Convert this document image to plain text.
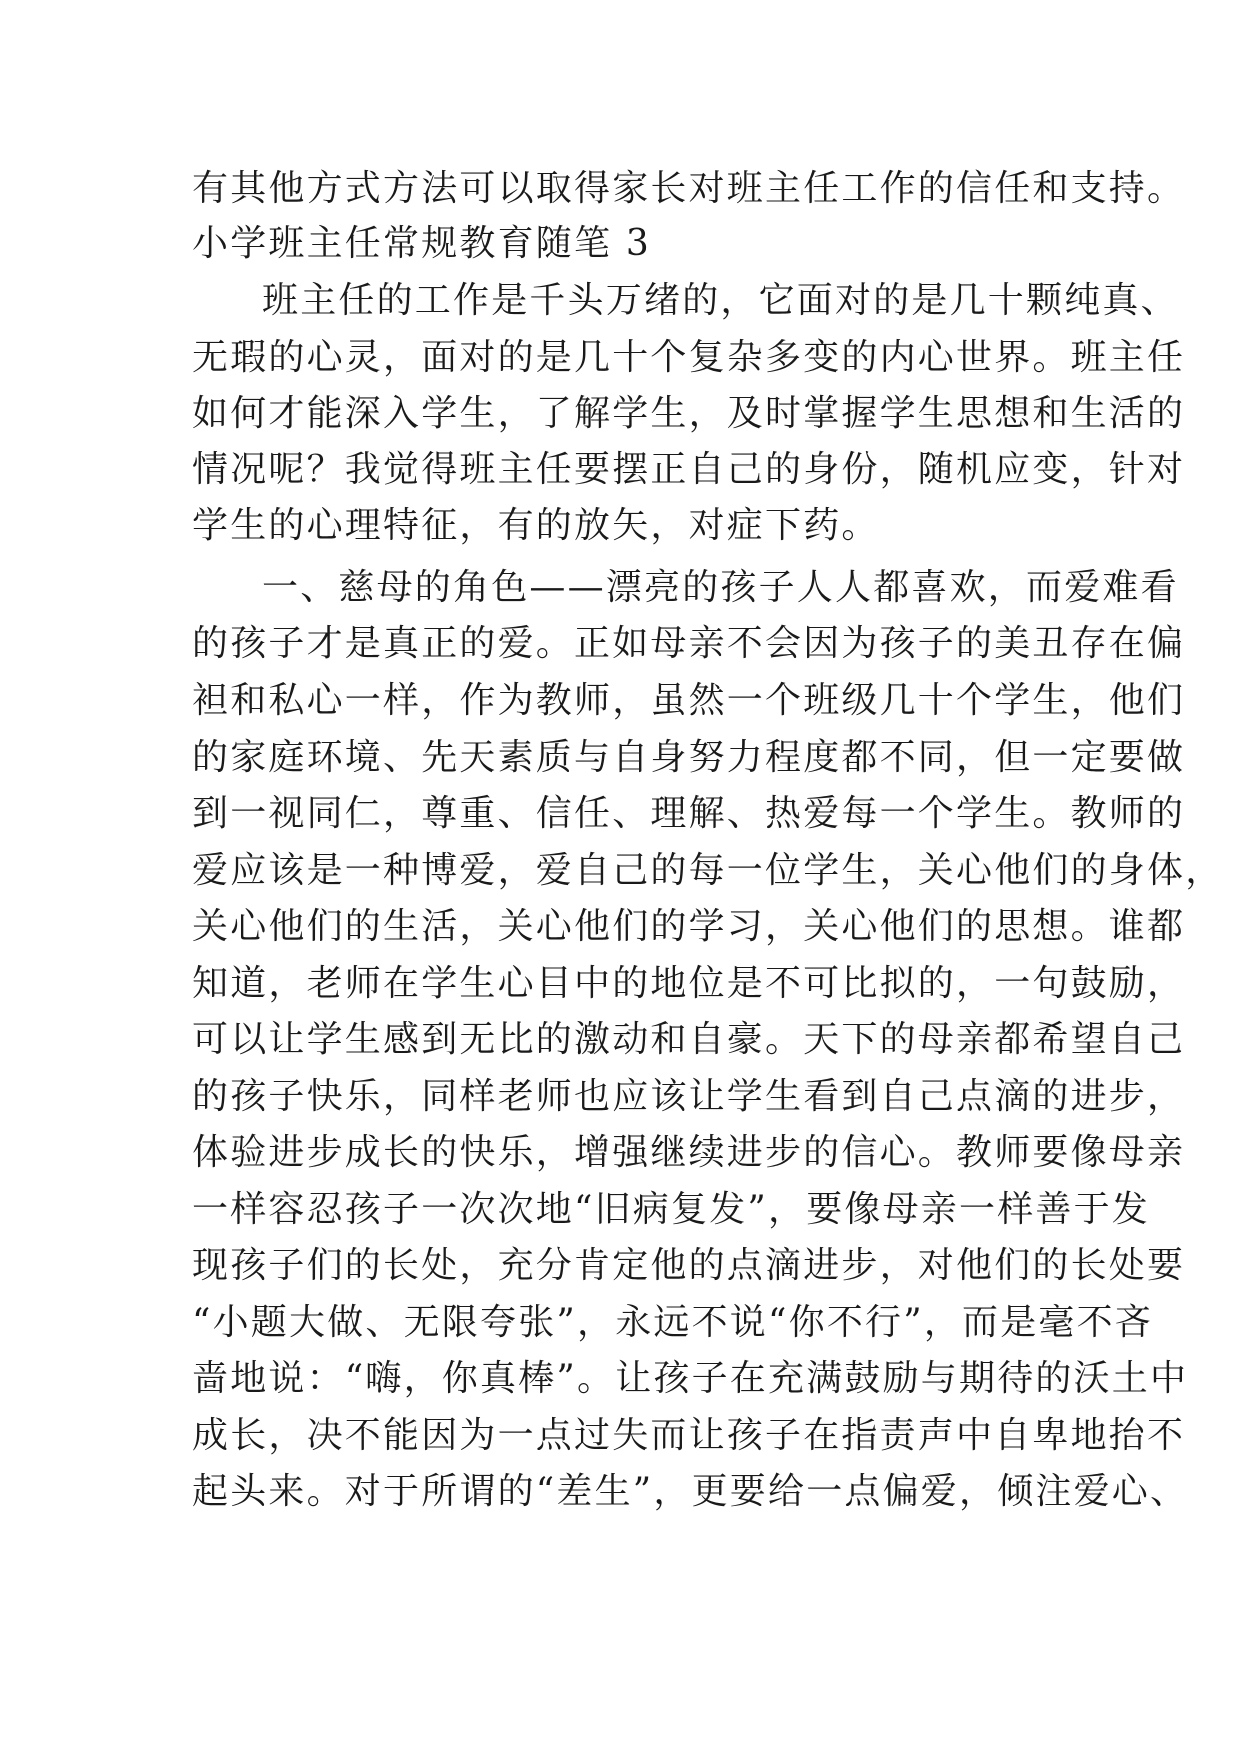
有其他方式方法可以取得家长对班主任工作的信任和支持。
小学班主任常规教育随笔 3
班主任的工作是千头万绪的，它面对的是几十颗纯真、
无瑕的心灵，面对的是几十个复杂多变的内心世界。班主任
如何才能深入学生，了解学生，及时掌握学生思想和生活的
情况呢？我觉得班主任要摆正自己的身份，随机应变，针对
学生的心理特征，有的放矢，对症下药。
一、慈母的角色——漂亮的孩子人人都喜欢，而爱难看
的孩子才是真正的爱。正如母亲不会因为孩子的美丑存在偏
袒和私心一样，作为教师，虽然一个班级几十个学生，他们
的家庭环境、先天素质与自身努力程度都不同，但一定要做
到一视同仁，尊重、信任、理解、热爱每一个学生。教师的
爱应该是一种博爱，爱自己的每一位学生，关心他们的身体，
关心他们的生活，关心他们的学习，关心他们的思想。谁都
知道，老师在学生心目中的地位是不可比拟的，一句鼓励，
可以让学生感到无比的激动和自豪。天下的母亲都希望自己
的孩子快乐，同样老师也应该让学生看到自己点滴的进步，
体验进步成长的快乐，增强继续进步的信心。教师要像母亲
一样容忍孩子一次次地“旧病复发”，要像母亲一样善于发
现孩子们的长处，充分肯定他的点滴进步，对他们的长处要
“小题大做、无限夸张”，永远不说“你不行”，而是毫不吝
啬地说：“嗨，你真棒”。让孩子在充满鼓励与期待的沃土中
成长，决不能因为一点过失而让孩子在指责声中自卑地抬不
起头来。对于所谓的“差生”，更要给一点偏爱，倾注爱心、
